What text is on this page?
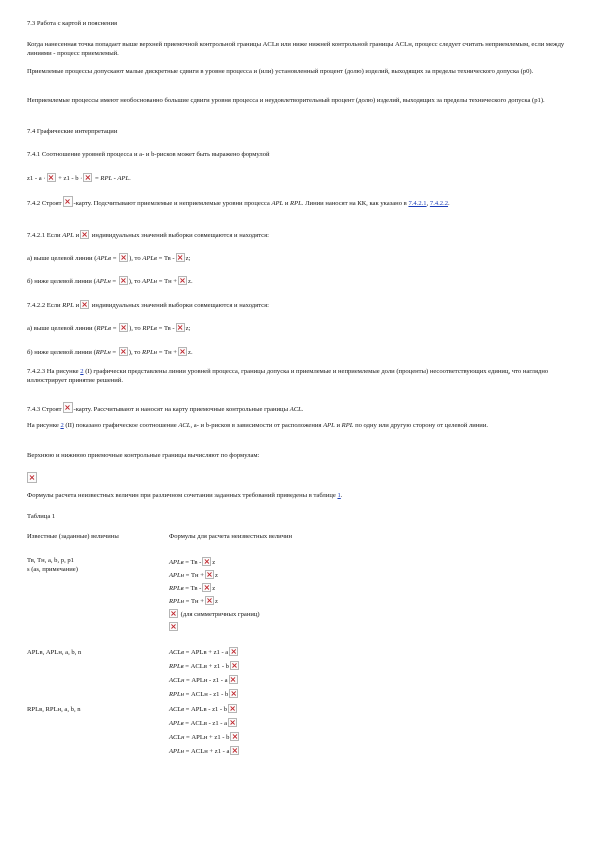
7.3 Работа с картой и пояснения

Когда нанесенная точка попадает выше верхней приемочной контрольной границы ACLв или ниже нижней контрольной границы ACLн, процесс следует считать неприемлемым, если между линиями - процесс приемлемый.

Приемлемые процессы допускают малые дискретные сдвиги в уровне процесса и (или) установленный процент (долю) изделий, выходящих за пределы технического допуска (р0).

Неприемлемые процессы имеют необоснованно большие сдвиги уровня процесса и неудовлетворительный процент (долю) изделий, выходящих за пределы технического допуска (р1).

7.4 Графические интерпретации

7.4.1 Соотношение уровней процесса и а- и b-рисков может быть выражено формулой

z1 - a · × + z1 - b · × = RPL - APL.

7.4.2 Строят × -карту. Подсчитывают приемлемые и неприемлемые уровни процесса APL и RPL. Линии наносят на КК, как указано в 7.4.2.1, 7.4.2.2.

7.4.2.1 Если APL и × индивидуальных значений выборки совмещаются и находятся:

а) выше целевой линии (APLв = × ), то APLв = Тв - × z;

б) ниже целевой линии (APLн = × ), то APLн = Тн + × z.

7.4.2.2 Если RPL и × индивидуальных значений выборки совмещаются и находятся:

а) выше целевой линии (RPLв = × ), то RPLв = Тв - × z;

б) ниже целевой линии (RPLн = × ), то RPLн = Тн + × z.

7.4.2.3 На рисунке 2 (I) графически представлены линии уровней процесса, границы допуска и приемлемые и неприемлемые доли (проценты) несоответствующих единиц, что наглядно иллюстрирует принятие решений.

7.4.3 Строят × -карту. Рассчитывают и наносят на карту приемочные контрольные границы ACL.

На рисунке 2 (II) показано графическое соотношение ACL, а- и b-рисков в зависимости от расположения APL и RPL по одну или другую сторону от целевой линии.

Верхнюю и нижнюю приемочные контрольные границы вычисляют по формулам:

×

Формулы расчета неизвестных величин при различном сочетании заданных требований приведены в таблице 1.

Таблица 1

Известные (заданные) величины	Формулы для расчета неизвестных величин
Тв, Тн, а, b, p, p1
s (as, примечание)
APLв = Тв - × z
APLн = Тн + × z
RPLв = Тв - × z
RPLн = Тн + × z
× (для симметричных границ)
×
APLв, APLн, а, b, n	ACLв = APLв + z1 - a×
RPLв = ACLв + z1 - b×
ACLн = APLн - z1 - a×
RPLн = ACLн - z1 - b×
RPLв, RPLн, а, b, n	ACLв = APLв - z1 - b×
APLв = ACLв - z1 - a×
ACLн = APLн + z1 - b×
APLн = ACLн + z1 - a×
